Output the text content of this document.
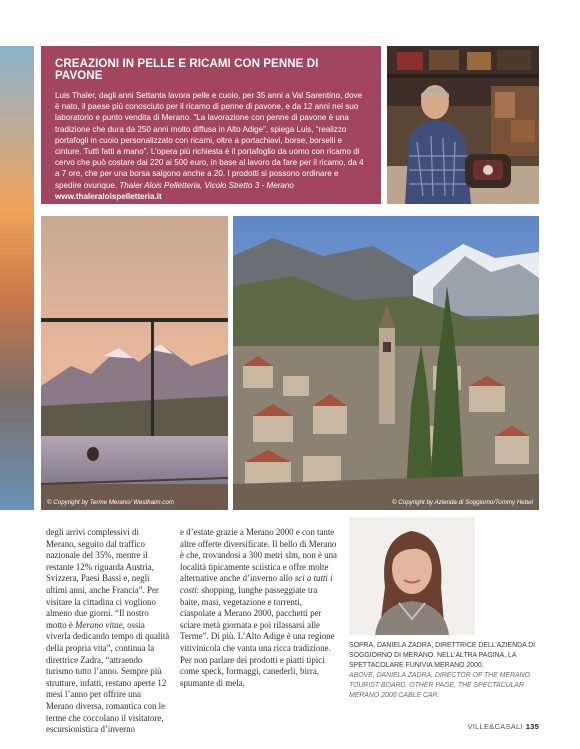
CREAZIONI IN PELLE E RICAMI CON PENNE DI PAVONE

Luis Thaler, dagli anni Settanta lavora pelle e cuoio, per 35 anni a Val Sarentino, dove è nato, il paese più conosciuto per il ricamo di penne di pavone, e da 12 anni nel suo laboratorio e punto vendita di Merano. “La lavorazione con penne di pavone è una tradizione che dura da 250 anni molto diffusa in Alto Adige”, spiega Luis, “realizzo portafogli in cuoio personalizzato con ricami, oltre a portachiavi, borse, borselli e cinture. Tutti fatti a mano”. L’opera più richiesta è il portafoglio da uomo con ricamo di cervo che può costare dai 220 ai 500 euro, in base al lavoro da fare per il ricamo, da 4 a 7 ore, che per una borsa salgono anche a 20. I prodotti si possono ordinare e spedire ovunque. Thaler Alois Pelletteria, Vicolo Stretto 3 - Merano www.thaleraloispelletteria.it

© Copyright by Terme Merano/ Westhaim.com	© Copyright by Azienda di Soggiorno/Tommy Hebel

degli arrivi complessivi di Merano, seguito dal traffico nazionale del 35%, mentre il restante 12% riguarda Austria, Svizzera, Paesi Bassi e, negli ultimi anni, anche Francia”. Per visitare la cittadina ci vogliono almeno due giorni. “Il nostro motto è Merano vitae, ossia viverla dedicando tempo di qualità della propria vita”, continua la direttrice Zadra, “attraendo turismo tutto l’anno. Sempre più strutture, infatti, restano aperte 12 mesi l’anno per offrire una Merano diversa, romantica con le terme che coccolano il visitatore, escursionistica d’inverno

e d’estate grazie a Merano 2000 e con tante altre offerte diversificate. Il bello di Merano è che, trovandosi a 300 metri slm, non è una località tipicamente sciistica e offre molte alternative anche d’inverno allo sci a tutti i costi: shopping, lunghe passeggiate tra baite, masi, vegetazione e torrenti, ciaspolate a Merano 2000, pacchetti per sciare metà giornata e poi rilassarsi alle Terme”. Di più. L’Alto Adige è una regione vitivinicola che vanta una ricca tradizione. Per non parlare dei prodotti e piatti tipici come speck, formaggi, canederli, birra, spumante di mela,

SOPRA, DANIELA ZADRA, DIRETTRICE DELL’AZIENDA DI SOGGIORNO DI MERANO. NELL’ALTRA PAGINA, LA SPETTACOLARE FUNIVIA MERANO 2000.
ABOVE, DANIELA ZADRA, DIRECTOR OF THE MERANO TOURIST BOARD. OTHER PAGE, THE SPECTACULAR MERANO 2000 CABLE CAR.
VILLE&CASALI 135
